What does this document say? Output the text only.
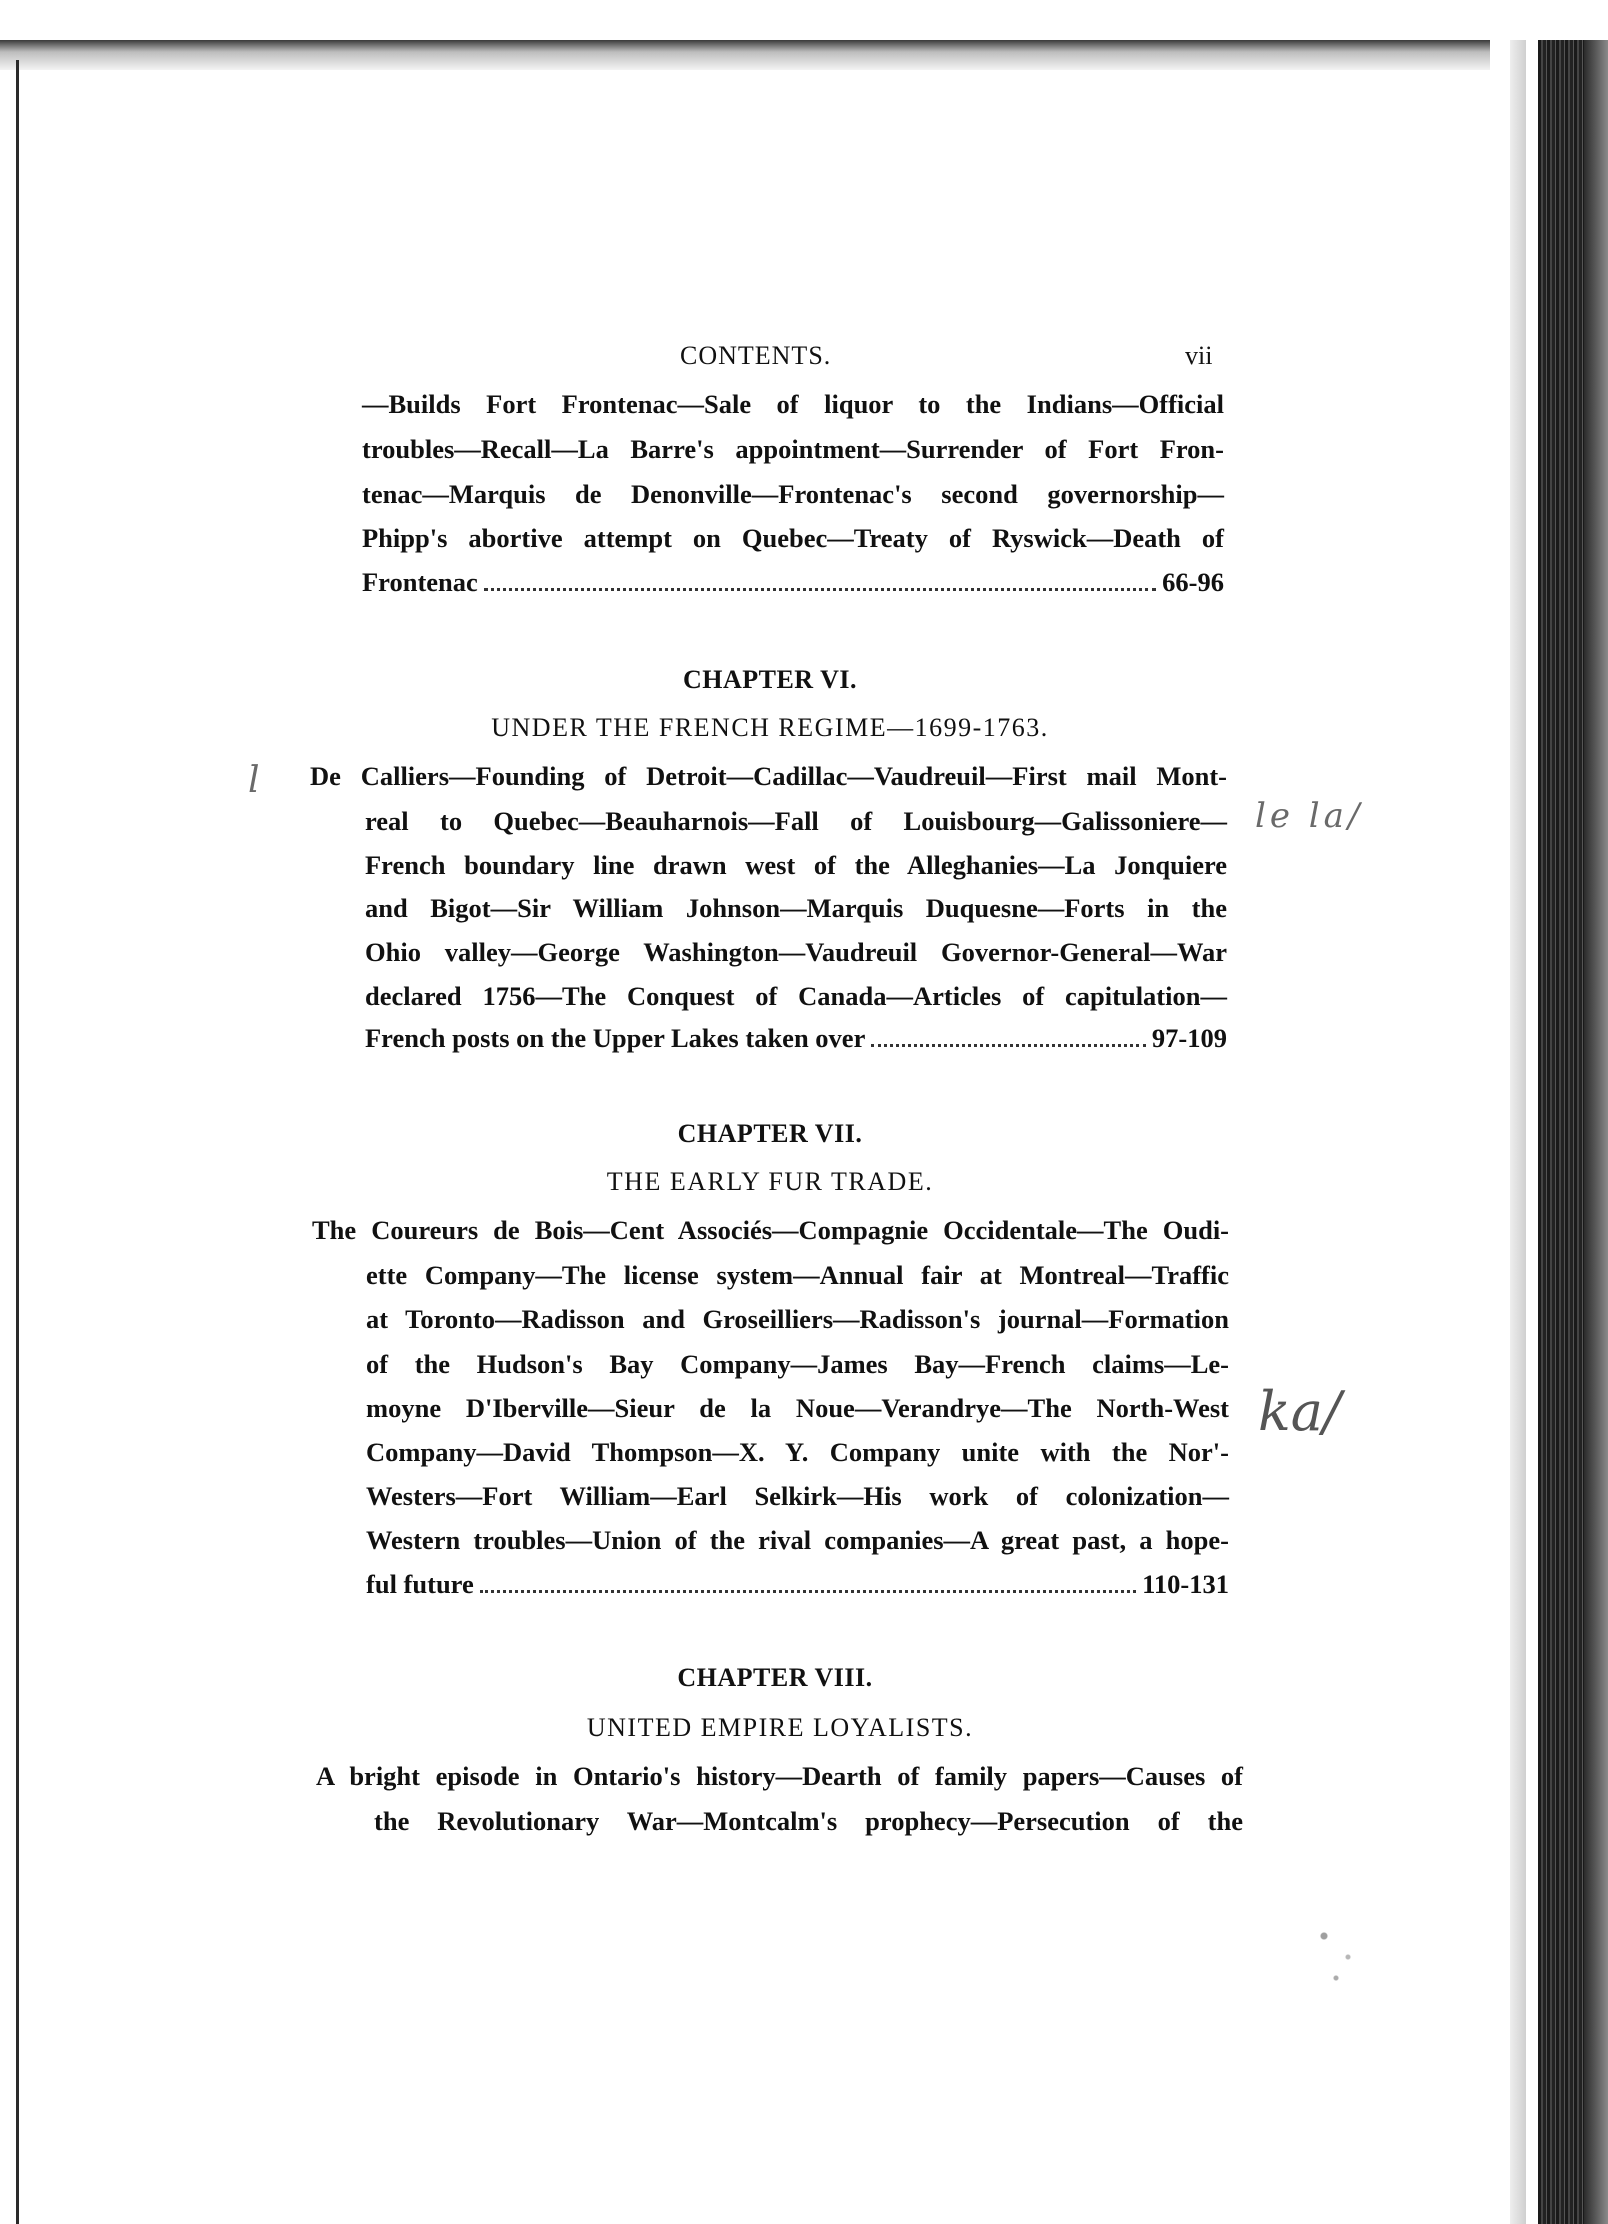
CONTENTS.	vii
—Builds Fort Frontenac—Sale of liquor to the Indians—Official
troubles—Recall—La Barre's appointment—Surrender of Fort Fron-
tenac—Marquis de Denonville—Frontenac's second governorship—
Phipp's abortive attempt on Quebec—Treaty of Ryswick—Death of
Frontenac	66-96
CHAPTER VI.
UNDER THE FRENCH REGIME—1699-1763.
De Calliers—Founding of Detroit—Cadillac—Vaudreuil—First mail Mont-
real to Quebec—Beauharnois—Fall of Louisbourg—Galissoniere—
French boundary line drawn west of the Alleghanies—La Jonquiere
and Bigot—Sir William Johnson—Marquis Duquesne—Forts in the
Ohio valley—George Washington—Vaudreuil Governor-General—War
declared 1756—The Conquest of Canada—Articles of capitulation—
French posts on the Upper Lakes taken over	97-109
CHAPTER VII.
THE EARLY FUR TRADE.
The Coureurs de Bois—Cent Associés—Compagnie Occidentale—The Oudi-
ette Company—The license system—Annual fair at Montreal—Traffic
at Toronto—Radisson and Groseilliers—Radisson's journal—Formation
of the Hudson's Bay Company—James Bay—French claims—Le-
moyne D'Iberville—Sieur de la Noue—Verandrye—The North-West
Company—David Thompson—X. Y. Company unite with the Nor'-
Westers—Fort William—Earl Selkirk—His work of colonization—
Western troubles—Union of the rival companies—A great past, a hope-
ful future	110-131
CHAPTER VIII.
UNITED EMPIRE LOYALISTS.
A bright episode in Ontario's history—Dearth of family papers—Causes of
the Revolutionary War—Montcalm's prophecy—Persecution of the
l
le la/
ka/
